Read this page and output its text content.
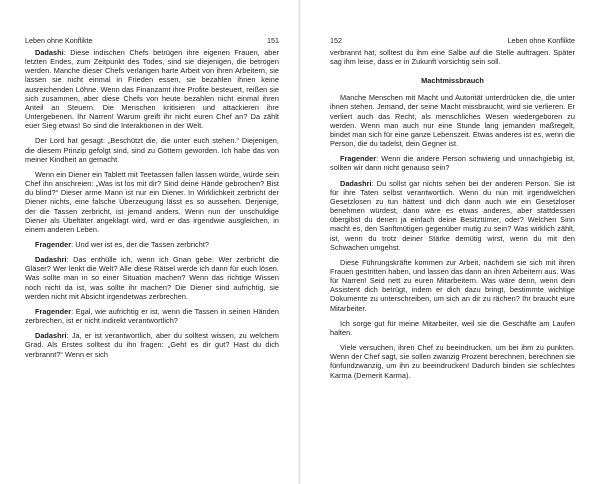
Leben ohne Konflikte	151

Dadashi: Diese indischen Chefs betrügen ihre eigenen Frauen, aber letzten Endes, zum Zeitpunkt des Todes, sind sie diejenigen, die betrogen werden. Manche dieser Chefs verlangen harte Arbeit von ihren Arbeitern, sie lassen sie nicht einmal in Frieden essen, sie bezahlen ihnen keine ausreichenden Löhne. Wenn das Finanzamt ihre Profite besteuert, reißen sie sich zusammen, aber diese Chefs von heute bezahlen nicht einmal ihren Anteil an Steuern. Die Menschen kritisieren und attackieren ihre Untergebenen. Ihr Narren! Warum greift ihr nicht euren Chef an? Da zählt euer Sieg etwas! So sind die Interaktionen in der Welt.

Der Lord hat gesagt: „Beschützt die, die unter euch stehen.“ Diejenigen, die diesem Prinzip gefolgt sind, sind zu Göttern geworden. Ich habe das von meiner Kindheit an gemacht.

Wenn ein Diener ein Tablett mit Teetassen fallen lassen würde, würde sein Chef ihn anschreien: „Was ist los mit dir? Sind deine Hände gebrochen? Bist du blind?“ Dieser arme Mann ist nur ein Diener. In Wirklichkeit zerbricht der Diener nichts, eine falsche Überzeugung lässt es so aussehen. Derjenige, der die Tassen zerbricht, ist jemand anders. Wenn nun der unschuldige Diener als Übeltäter angeklagt wird, wird er das irgendwie ausgleichen, in einem anderen Leben.

Fragender: Und wer ist es, der die Tassen zerbricht?

Dadashri: Das enthülle ich, wenn ich Gnan gebe. Wer zerbricht die Gläser? Wer lenkt die Welt? Alle diese Rätsel werde ich dann für euch lösen. Was sollte man in so einer Situation machen? Wenn das richtige Wissen noch nicht da ist, was sollte ihr machen? Die Diener sind aufrichtig, sie werden nicht mit Absicht irgendetwas zerbrechen.

Fragender: Egal, wie aufrichtig er ist, wenn die Tassen in seinen Händen zerbrechen, ist er nicht indirekt verantwortlich?

Dadashri: Ja, er ist verantwortlich, aber du solltest wissen, zu welchem Grad. Als Erstes solltest du ihn fragen: „Geht es dir gut? Hast du dich verbrannt?“ Wenn er sich

152	Leben ohne Konflikte

verbrannt hat, solltest du ihm eine Salbe auf die Stelle auftragen. Später sag ihm leise, dass er in Zukunft vorsichtig sein soll.

Machtmissbrauch

Manche Menschen mit Macht und Autorität unterdrücken die, die unter ihnen stehen. Jemand, der seine Macht missbraucht, wird sie verlieren. Er verliert auch das Recht, als menschliches Wesen wiedergeboren zu werden. Wenn man auch nur eine Stunde lang jemanden maßregelt, bindet man sich für eine ganze Lebenszeit. Etwas anderes ist es, wenn die Person, die du tadelst, dein Gegner ist.

Fragender: Wenn die andere Person schwierig und unnachgiebig ist, sollten wir dann nicht genauso sein?

Dadashri: Du sollst gar nichts sehen bei der anderen Person. Sie ist für ihre Taten selbst verantwortlich. Wenn du nun mit irgendwelchen Gesetzlosen zu tun hättest und dich dann auch wie ein Gesetzloser benehmen würdest, dann wäre es etwas anderes, aber stattdessen übergibst du denen ja einfach deine Besitztümer, oder? Welchen Sinn macht es, den Sanftmütigen gegenüber mutig zu sein? Was wirklich zählt, ist, wenn du trotz deiner Stärke demütig wirst, wenn du mit den Schwachen umgehst.

Diese Führungskräfte kommen zur Arbeit, nachdem sie sich mit ihren Frauen gestritten haben, und lassen das dann an ihren Arbeitern aus. Was für Narren! Seid nett zu euren Mitarbeitern. Was wäre denn, wenn dein Assistent dich betrügt, indem er dich dazu bringt, bestimmte wichtige Dokumente zu unterschreiben, um sich an dir zu rächen? Ihr braucht eure Mitarbeiter.

Ich sorge gut für meine Mitarbeiter, weil sie die Geschäfte am Laufen halten.

Viele versuchen, ihren Chef zu beeindrucken, um bei ihm zu punkten. Wenn der Chef sagt, sie sollen zwanzig Prozent berechnen, berechnen sie fünfundzwanzig, um ihn zu beeindrucken! Dadurch binden sie schlechtes Karma (Demerit Karma).
